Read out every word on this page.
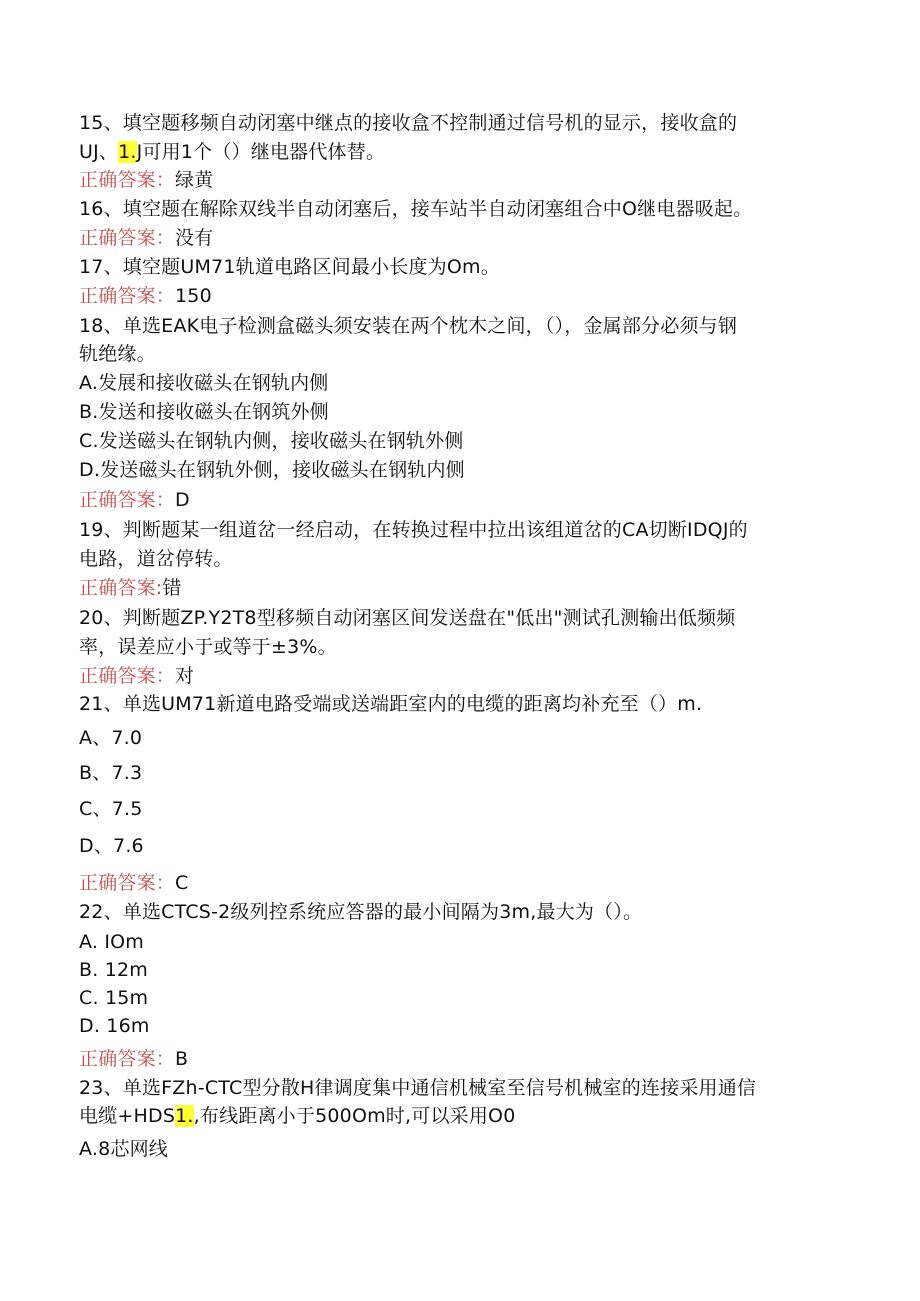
15、填空题移频自动闭塞中继点的接收盒不控制通过信号机的显示，接收盒的
UJ、1.J可用1个（）继电器代体替。
正确答案：绿黄
16、填空题在解除双线半自动闭塞后，接车站半自动闭塞组合中O继电器吸起。
正确答案：没有
17、填空题UM71轨道电路区间最小长度为Om。
正确答案：150
18、单选EAK电子检测盒磁头须安装在两个枕木之间，（），金属部分必须与钢
轨绝缘。
A.发展和接收磁头在钢轨内侧
B.发送和接收磁头在钢筑外侧
C.发送磁头在钢轨内侧，接收磁头在钢轨外侧
D.发送磁头在钢轨外侧，接收磁头在钢轨内侧
正确答案：D
19、判断题某一组道岔一经启动，在转换过程中拉出该组道岔的CA切断IDQJ的
电路，道岔停转。
正确答案:错
20、判断题ZP.Y2T8型移频自动闭塞区间发送盘在"低出"测试孔测输出低频频
率，误差应小于或等于±3%。
正确答案：对
21、单选UM71新道电路受端或送端距室内的电缆的距离均补充至（）m.
A、7.0
B、7.3
C、7.5
D、7.6
正确答案：C
22、单选CTCS-2级列控系统应答器的最小间隔为3m,最大为（）。
A. IOm
B. 12m
C. 15m
D. 16m
正确答案：B
23、单选FZh-CTC型分散H律调度集中通信机械室至信号机械室的连接采用通信
电缆+HDS1.,布线距离小于500Om时,可以采用O0
A.8芯网线
